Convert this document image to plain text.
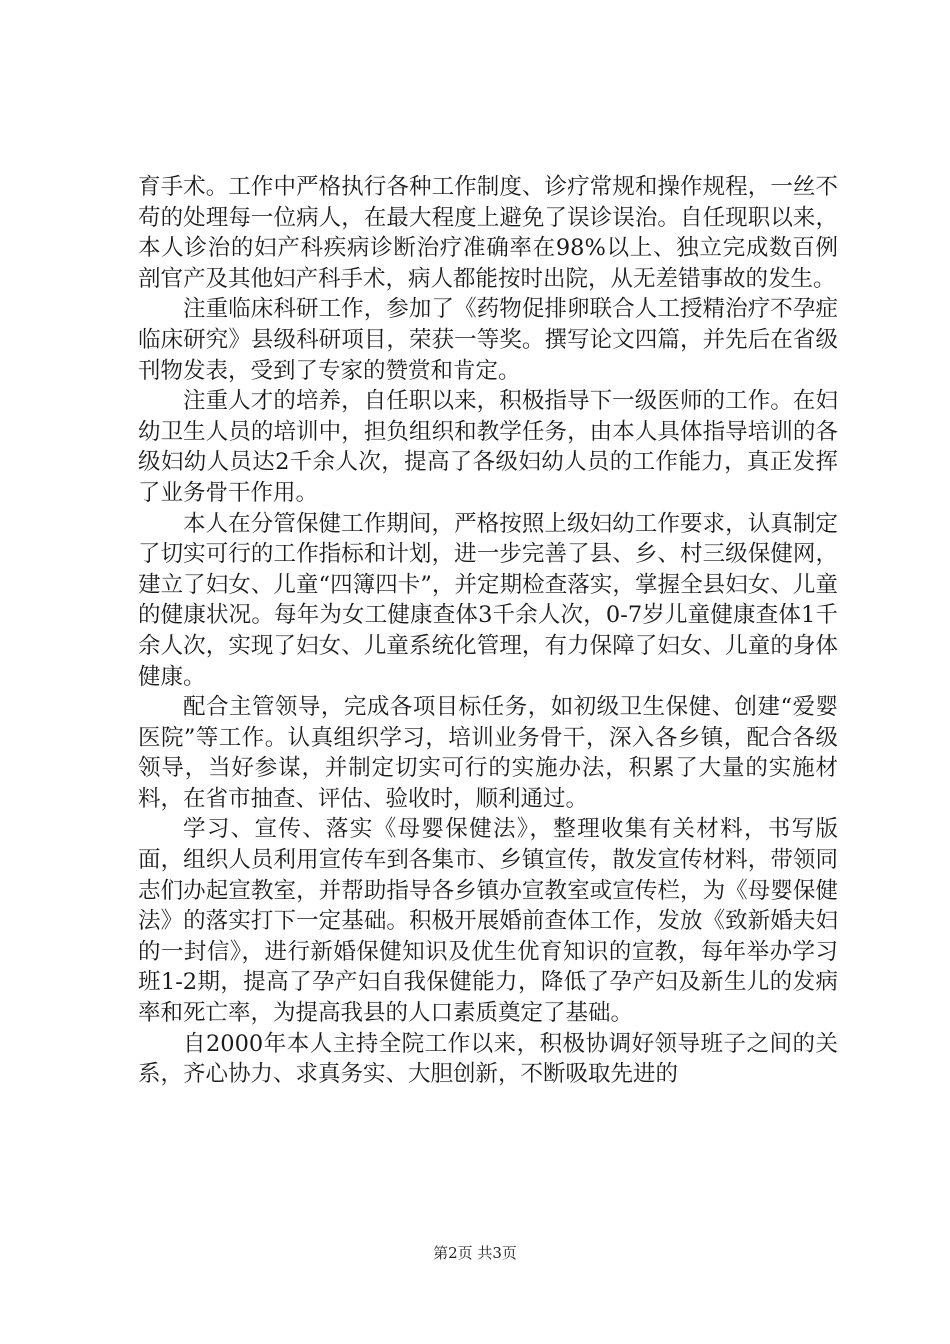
育手术。工作中严格执行各种工作制度、诊疗常规和操作规程，一丝不苟的处理每一位病人，在最大程度上避免了误诊误治。自任现职以来，本人诊治的妇产科疾病诊断治疗准确率在98%以上、独立完成数百例剖官产及其他妇产科手术，病人都能按时出院，从无差错事故的发生。

注重临床科研工作，参加了《药物促排卵联合人工授精治疗不孕症临床研究》县级科研项目，荣获一等奖。撰写论文四篇，并先后在省级刊物发表，受到了专家的赞赏和肯定。

注重人才的培养，自任职以来，积极指导下一级医师的工作。在妇幼卫生人员的培训中，担负组织和教学任务，由本人具体指导培训的各级妇幼人员达2千余人次，提高了各级妇幼人员的工作能力，真正发挥了业务骨干作用。

本人在分管保健工作期间，严格按照上级妇幼工作要求，认真制定了切实可行的工作指标和计划，进一步完善了县、乡、村三级保健网，建立了妇女、儿童“四簿四卡”，并定期检查落实，掌握全县妇女、儿童的健康状况。每年为女工健康查体3千余人次，0-7岁儿童健康查体1千余人次，实现了妇女、儿童系统化管理，有力保障了妇女、儿童的身体健康。

配合主管领导，完成各项目标任务，如初级卫生保健、创建“爱婴医院”等工作。认真组织学习，培训业务骨干，深入各乡镇，配合各级领导，当好参谋，并制定切实可行的实施办法，积累了大量的实施材料，在省市抽查、评估、验收时，顺利通过。

学习、宣传、落实《母婴保健法》，整理收集有关材料，书写版面，组织人员利用宣传车到各集市、乡镇宣传，散发宣传材料，带领同志们办起宣教室，并帮助指导各乡镇办宣教室或宣传栏，为《母婴保健法》的落实打下一定基础。积极开展婚前查体工作，发放《致新婚夫妇的一封信》，进行新婚保健知识及优生优育知识的宣教，每年举办学习班1-2期，提高了孕产妇自我保健能力，降低了孕产妇及新生儿的发病率和死亡率，为提高我县的人口素质奠定了基础。

自2000年本人主持全院工作以来，积极协调好领导班子之间的关系，齐心协力、求真务实、大胆创新，不断吸取先进的

第2页 共3页
